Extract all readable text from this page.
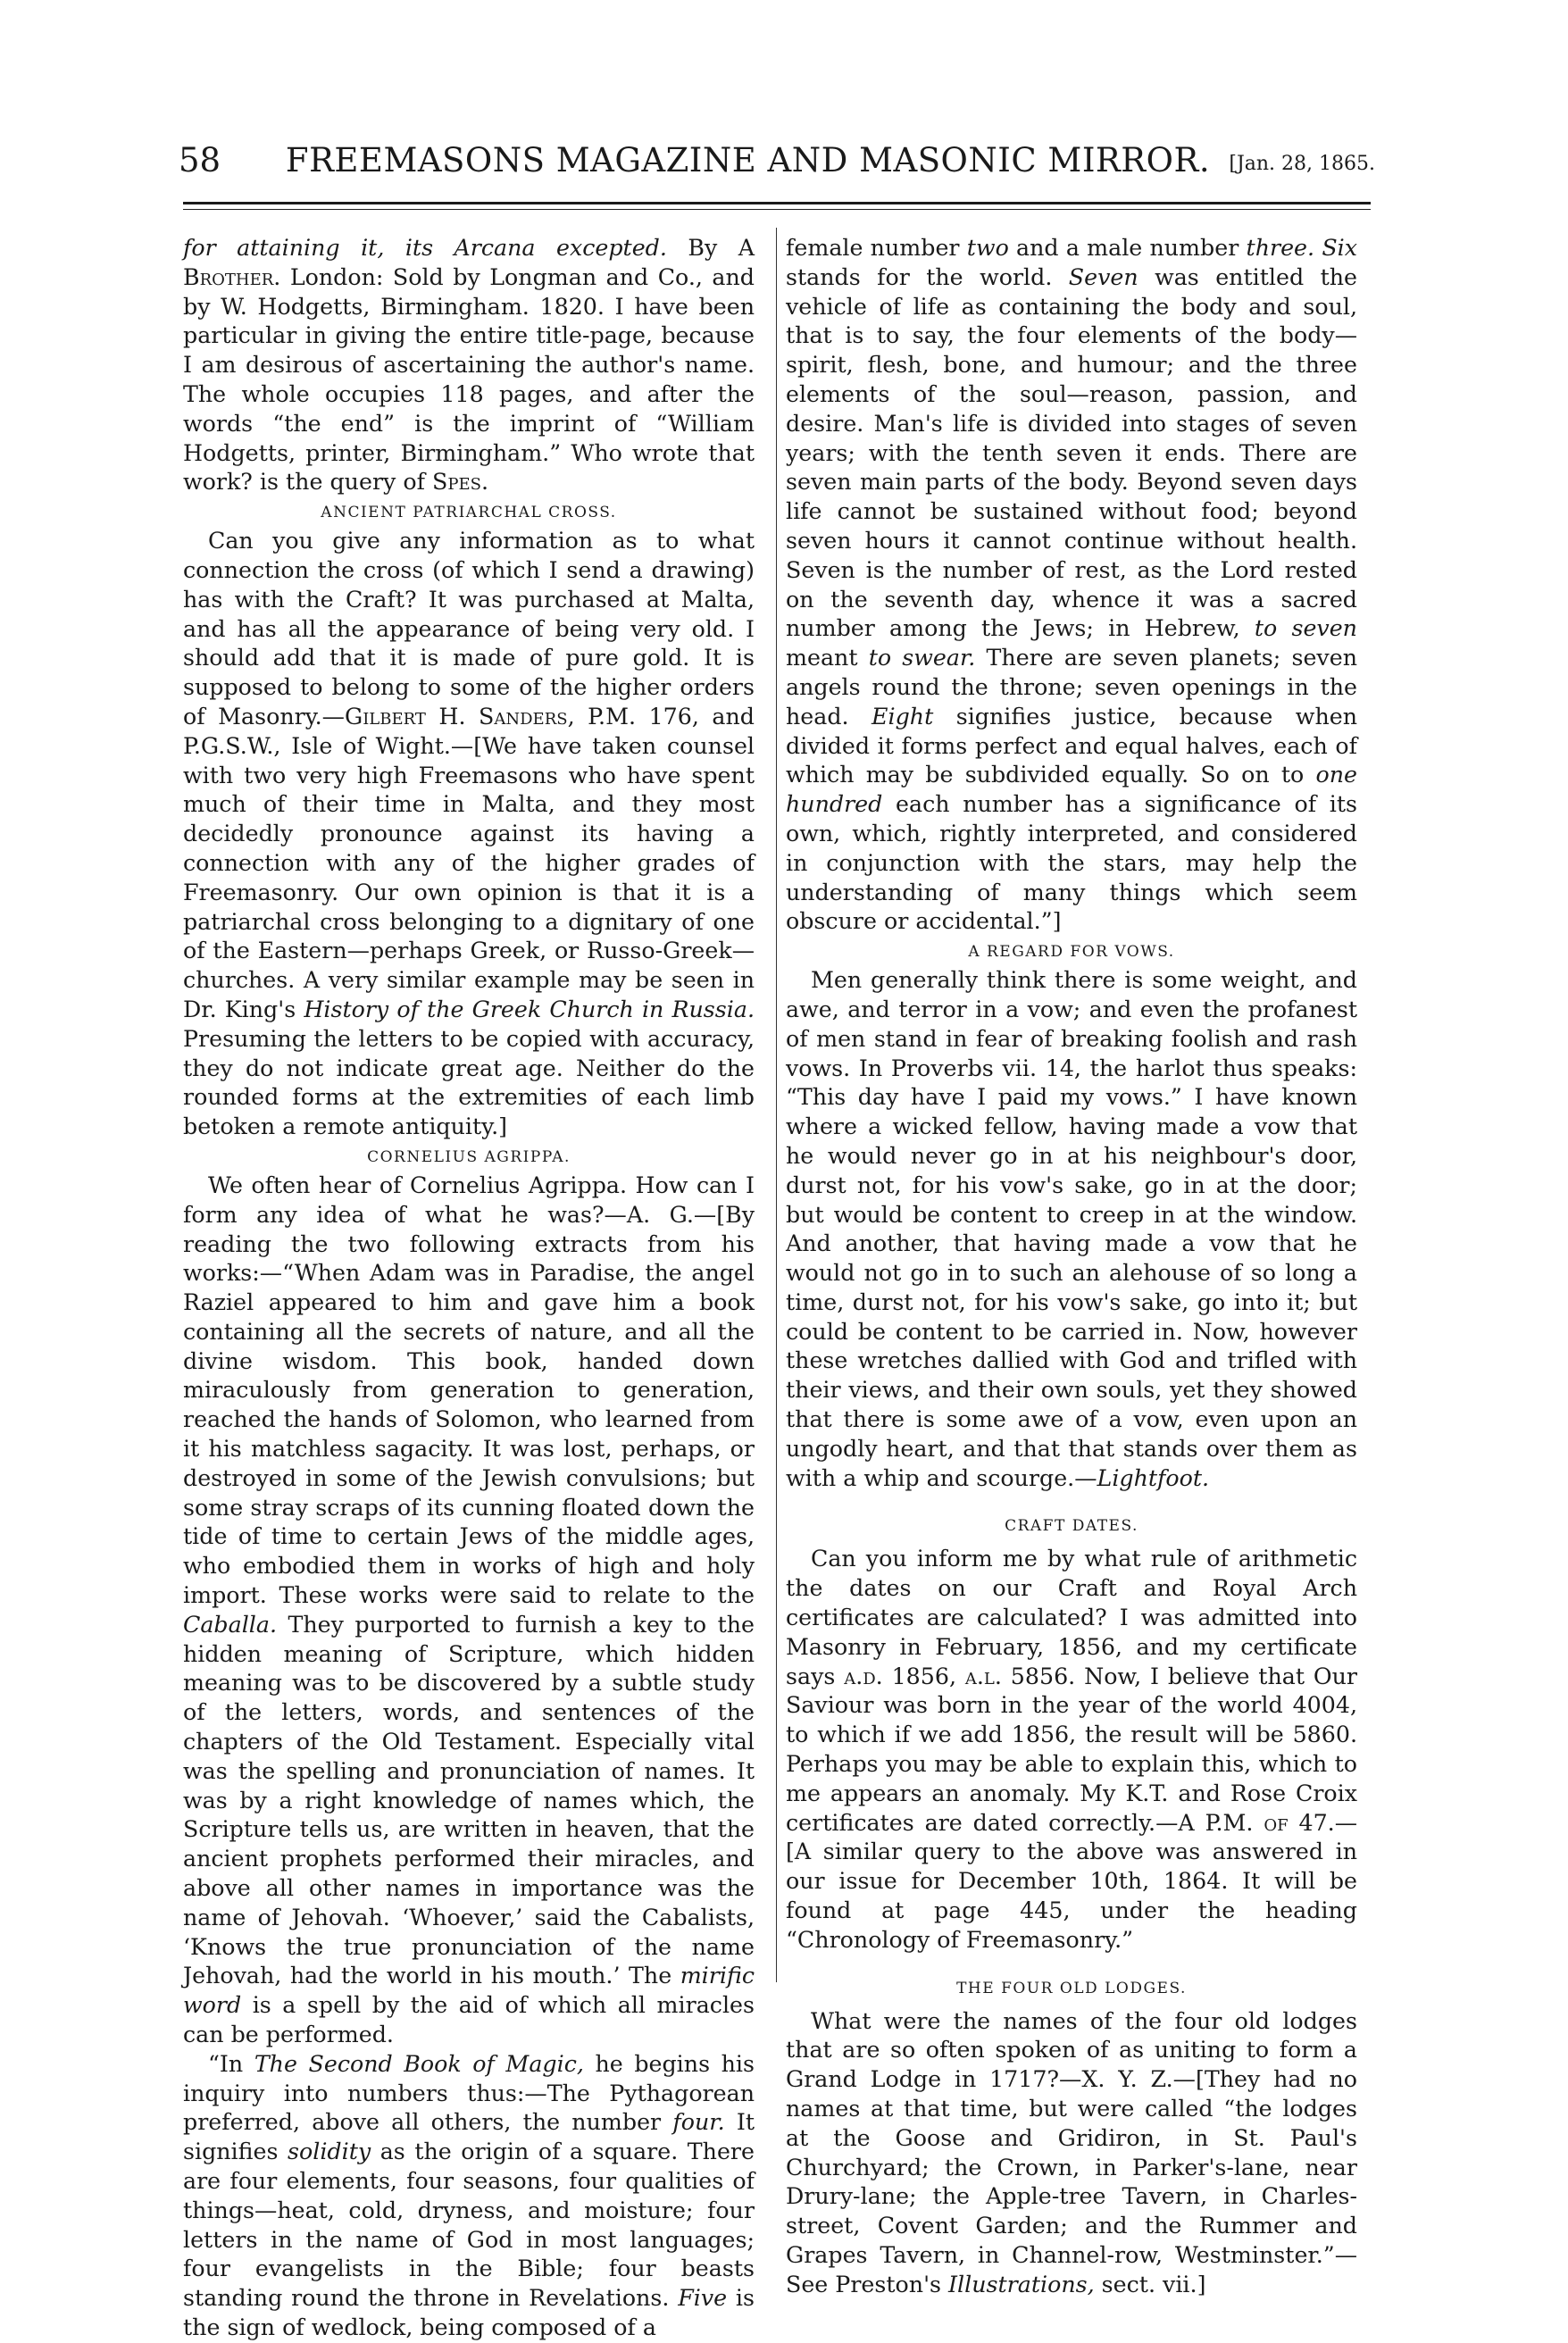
58	FREEMASONS MAGAZINE AND MASONIC MIRROR. [Jan. 28, 1865.

for attaining it, its Arcana excepted. By A Brother. London: Sold by Longman and Co., and by W. Hodgetts, Birmingham. 1820. I have been particular in giving the entire title-page, because I am desirous of ascertaining the author's name. The whole occupies 118 pages, and after the words “the end” is the imprint of “William Hodgetts, printer, Birmingham.” Who wrote that work? is the query of Spes.

ANCIENT PATRIARCHAL CROSS.

Can you give any information as to what connection the cross (of which I send a drawing) has with the Craft? It was purchased at Malta, and has all the appearance of being very old. I should add that it is made of pure gold. It is supposed to belong to some of the higher orders of Masonry.—Gilbert H. Sanders, P.M. 176, and P.G.S.W., Isle of Wight.—[We have taken counsel with two very high Freemasons who have spent much of their time in Malta, and they most decidedly pronounce against its having a connection with any of the higher grades of Freemasonry. Our own opinion is that it is a patriarchal cross belonging to a dignitary of one of the Eastern—perhaps Greek, or Russo-Greek—churches. A very similar example may be seen in Dr. King's History of the Greek Church in Russia. Presuming the letters to be copied with accuracy, they do not indicate great age. Neither do the rounded forms at the extremities of each limb betoken a remote antiquity.]

CORNELIUS AGRIPPA.

We often hear of Cornelius Agrippa. How can I form any idea of what he was?—A. G.—[By reading the two following extracts from his works:—“When Adam was in Paradise, the angel Raziel appeared to him and gave him a book containing all the secrets of nature, and all the divine wisdom. This book, handed down miraculously from generation to generation, reached the hands of Solomon, who learned from it his matchless sagacity. It was lost, perhaps, or destroyed in some of the Jewish convulsions; but some stray scraps of its cunning floated down the tide of time to certain Jews of the middle ages, who embodied them in works of high and holy import. These works were said to relate to the Caballa. They purported to furnish a key to the hidden meaning of Scripture, which hidden meaning was to be discovered by a subtle study of the letters, words, and sentences of the chapters of the Old Testament. Especially vital was the spelling and pronunciation of names. It was by a right knowledge of names which, the Scripture tells us, are written in heaven, that the ancient prophets performed their miracles, and above all other names in importance was the name of Jehovah. ‘Whoever,’ said the Cabalists, ‘Knows the true pronunciation of the name Jehovah, had the world in his mouth.’ The mirific word is a spell by the aid of which all miracles can be performed.

“In The Second Book of Magic, he begins his inquiry into numbers thus:—The Pythagorean preferred, above all others, the number four. It signifies solidity as the origin of a square. There are four elements, four seasons, four qualities of things—heat, cold, dryness, and moisture; four letters in the name of God in most languages; four evangelists in the Bible; four beasts standing round the throne in Revelations. Five is the sign of wedlock, being composed of a

female number two and a male number three. Six stands for the world. Seven was entitled the vehicle of life as containing the body and soul, that is to say, the four elements of the body—spirit, flesh, bone, and humour; and the three elements of the soul—reason, passion, and desire. Man's life is divided into stages of seven years; with the tenth seven it ends. There are seven main parts of the body. Beyond seven days life cannot be sustained without food; beyond seven hours it cannot continue without health. Seven is the number of rest, as the Lord rested on the seventh day, whence it was a sacred number among the Jews; in Hebrew, to seven meant to swear. There are seven planets; seven angels round the throne; seven openings in the head. Eight signifies justice, because when divided it forms perfect and equal halves, each of which may be subdivided equally. So on to one hundred each number has a significance of its own, which, rightly interpreted, and considered in conjunction with the stars, may help the understanding of many things which seem obscure or accidental.”]

A REGARD FOR VOWS.

Men generally think there is some weight, and awe, and terror in a vow; and even the profanest of men stand in fear of breaking foolish and rash vows. In Proverbs vii. 14, the harlot thus speaks: “This day have I paid my vows.” I have known where a wicked fellow, having made a vow that he would never go in at his neighbour's door, durst not, for his vow's sake, go in at the door; but would be content to creep in at the window. And another, that having made a vow that he would not go in to such an alehouse of so long a time, durst not, for his vow's sake, go into it; but could be content to be carried in. Now, however these wretches dallied with God and trifled with their views, and their own souls, yet they showed that there is some awe of a vow, even upon an ungodly heart, and that that stands over them as with a whip and scourge.—Lightfoot.

CRAFT DATES.

Can you inform me by what rule of arithmetic the dates on our Craft and Royal Arch certificates are calculated? I was admitted into Masonry in February, 1856, and my certificate says a.d. 1856, a.l. 5856. Now, I believe that Our Saviour was born in the year of the world 4004, to which if we add 1856, the result will be 5860. Perhaps you may be able to explain this, which to me appears an anomaly. My K.T. and Rose Croix certificates are dated correctly.—A P.M. of 47.—[A similar query to the above was answered in our issue for December 10th, 1864. It will be found at page 445, under the heading “Chronology of Freemasonry.”

THE FOUR OLD LODGES.

What were the names of the four old lodges that are so often spoken of as uniting to form a Grand Lodge in 1717?—X. Y. Z.—[They had no names at that time, but were called “the lodges at the Goose and Gridiron, in St. Paul's Churchyard; the Crown, in Parker's-lane, near Drury-lane; the Apple-tree Tavern, in Charles-street, Covent Garden; and the Rummer and Grapes Tavern, in Channel-row, Westminster.”—See Preston's Illustrations, sect. vii.]
